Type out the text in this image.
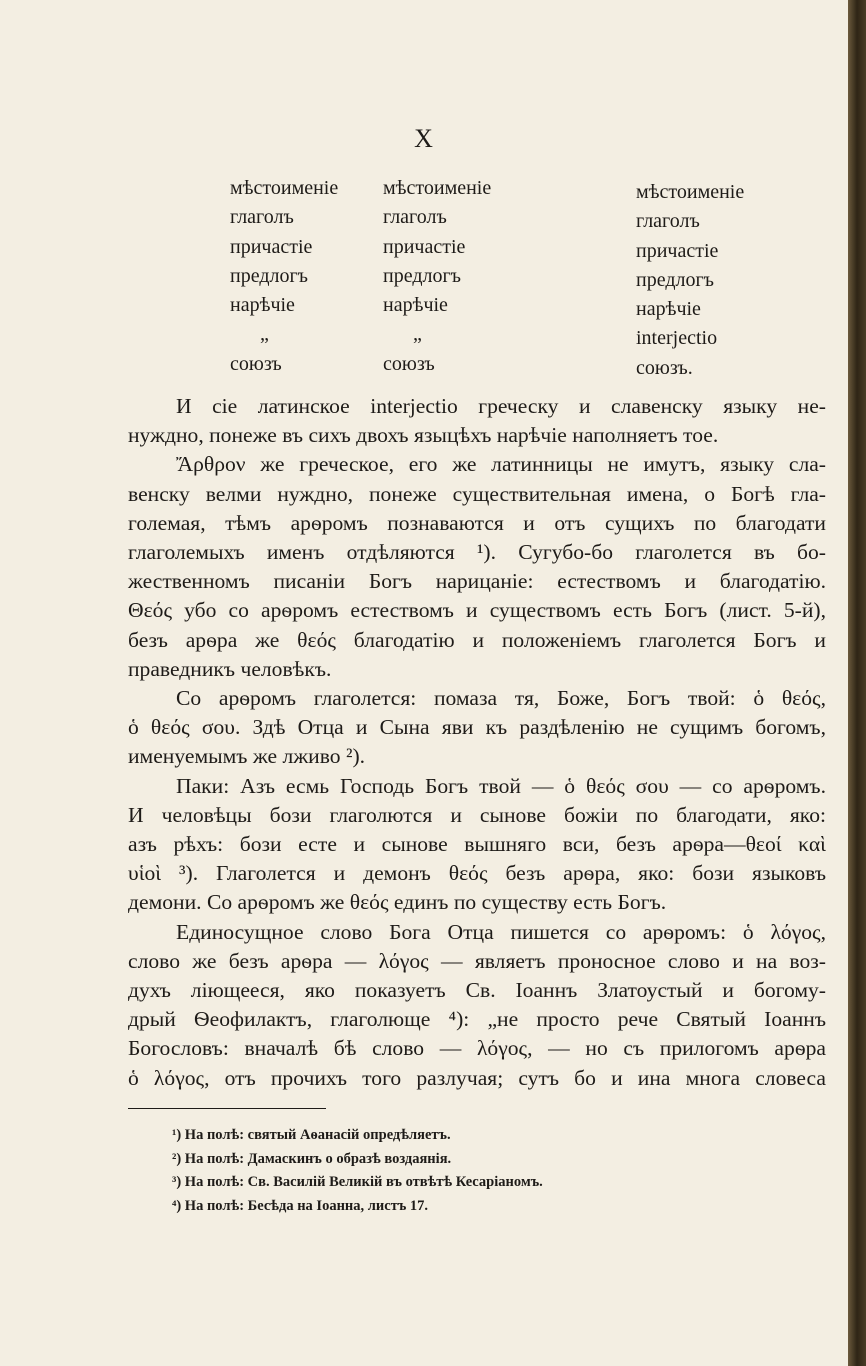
X
мѣстоименіе
глаголъ
причастіе
предлогъ
нарѣчіе
„
союзъ
мѣстоименіе
глаголъ
причастіе
предлогъ
нарѣчіе
„
союзъ
мѣстоименіе
глаголъ
причастіе
предлогъ
нарѣчіе
interjectio
союзъ.
И сіе латинское interjectio греческу и славенску языку не-
нуждно, понеже въ сихъ двохъ языцѣхъ нарѣчіе наполняетъ тое.
Ἄρθρον же греческое, его же латинницы не имутъ, языку сла-
венску велми нуждно, понеже существительная имена, о Богѣ гла-
големая, тѣмъ арѳромъ познаваются и отъ сущихъ по благодати
глаголемыхъ именъ отдѣляются ¹). Сугубо-бо глаголется въ бо-
жественномъ писаніи Богъ нарицаніе: естествомъ и благодатію.
Θεός убо со арѳромъ естествомъ и существомъ есть Богъ (лист. 5-й),
безъ арѳра же θεός благодатію и положеніемъ глаголется Богъ и
праведникъ человѣкъ.
Со арѳромъ глаголется: помаза тя, Боже, Богъ твой: ὁ θεός,
ὁ θεός σου. Здѣ Отца и Сына яви къ раздѣленію не сущимъ богомъ,
именуемымъ же лживо ²).
Паки: Азъ есмь Господь Богъ твой — ὁ θεός σου — со арѳромъ.
И человѣцы бози глаголются и сынове божіи по благодати, яко:
азъ рѣхъ: бози есте и сынове вышняго вси, безъ арѳра—θεοί καὶ
υἱοὶ ³). Глаголется и демонъ θεός безъ арѳра, яко: бози языковъ
демони. Со арѳромъ же θεός единъ по существу есть Богъ.
Единосущное слово Бога Отца пишется со арѳромъ: ὁ λόγος,
слово же безъ арѳра — λόγος — являетъ проносное слово и на воз-
духъ ліющееся, яко показуетъ Св. Іоаннъ Златоустый и богому-
дрый Ѳеофилактъ, глаголюще ⁴): „не просто рече Святый Іоаннъ
Богословъ: вначалѣ бѣ слово — λόγος, — но съ прилогомъ арѳра
ὁ λόγος, отъ прочихъ того разлучая; сутъ бо и ина многа словеса
¹) На полѣ: святый Аѳанасій опредѣляетъ.
²) На полѣ: Дамаскинъ о образѣ воздаянія.
³) На полѣ: Св. Василій Великій въ отвѣтѣ Кесаріаномъ.
⁴) На полѣ: Бесѣда на Іоанна, листъ 17.
